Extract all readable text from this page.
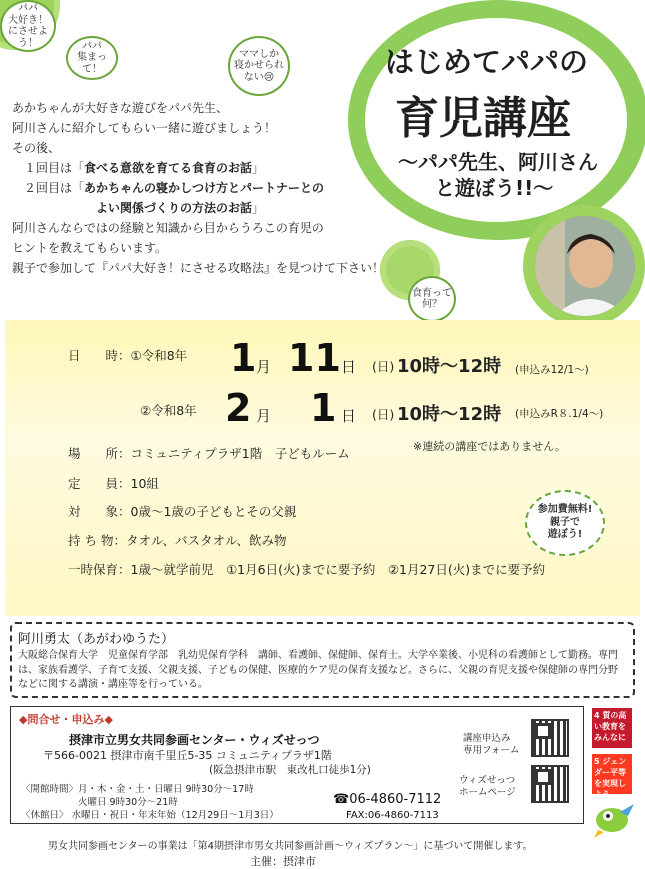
パパ
大好き！
にさせよう！	パパ
集まって！
ママしか
寝かせられ
ない😢
食育って
何？
はじめてパパの
育児講座
～パパ先生、阿川さん
と遊ぼう!!～
あかちゃんが大好きな遊びをパパ先生、
阿川さんに紹介してもらい一緒に遊びましょう！
その後、
　１回目は「食べる意欲を育てる食育のお話」
　２回目は「あかちゃんの寝かしつけ方とパートナーとの
よい関係づくりの方法のお話」
阿川さんならではの経験と知識から目からうろこの育児の
ヒントを教えてもらいます。
親子で参加して『パパ大好き！にさせる攻略法』を見つけて下さい！
日　　時：①令和8年 1 月 11 日 (日) 10時～12時 (申込み12/1～)
②令和8年 2 月 1 日 (日) 10時～12時 (申込みR８.1/4～)
場　　所：コミュニティプラザ1階　子どもルーム	※連続の講座ではありません。
定　　員：10組
対　　象：0歳～1歳の子どもとその父親
持 ち 物：タオル、バスタオル、飲み物
一時保育：1歳～就学前児　①1月6日(火)までに要予約　②1月27日(火)までに要予約
参加費無料!
親子で
遊ぼう!
阿川勇太（あがわゆうた）
大阪総合保育大学　児童保育学部　乳幼児保育学科　講師、看護師、保健師、保育士。大学卒業後、小児科の看護師として勤務。専門は、家族看護学、子育て支援、父親支援、子どもの保健、医療的ケア児の保育支援など。さらに、父親の育児支援や保健師の専門分野などに関する講演・講座等を行っている。
◆問合せ・申込み◆
摂津市立男女共同参画センター・ウィズせっつ
〒566-0021 摂津市南千里丘5-35 コミュニティプラザ1階
(阪急摂津市駅　東改札口徒歩1分)
〈開館時間〉月・木・金・土・日曜日 9時30分～17時
　　　　　　火曜日 9時30分～21時
〈休館日〉 水曜日・祝日・年末年始（12月29日～1月3日）
☎06-4860-7112
FAX:06-4860-7113
講座申込み
専用フォーム
ウィズせっつ
ホームページ
4 質の高い教育をみんなに
5 ジェンダー平等を実現しよう
男女共同参画センターの事業は「第4期摂津市男女共同参画計画～ウィズプラン～」に基づいて開催します。
主催：摂津市
